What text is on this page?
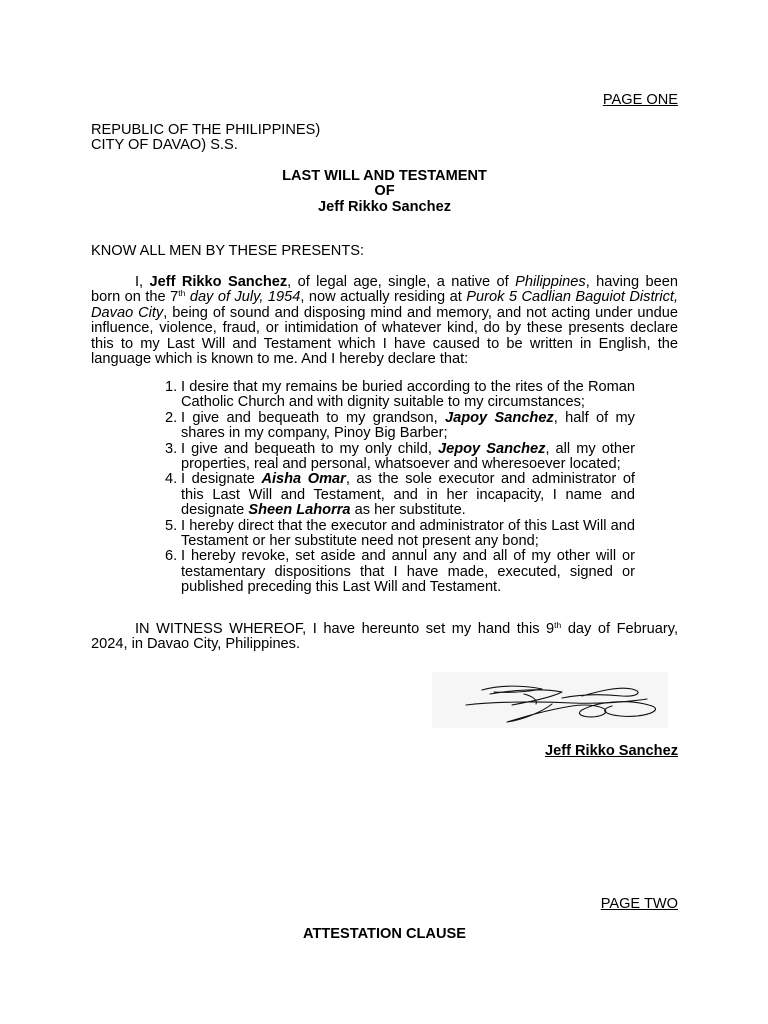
PAGE ONE
REPUBLIC OF THE PHILIPPINES)
CITY OF DAVAO) S.S.
LAST WILL AND TESTAMENT
OF
Jeff Rikko Sanchez
KNOW ALL MEN BY THESE PRESENTS:

I, Jeff Rikko Sanchez, of legal age, single, a native of Philippines, having been born on the 7th day of July, 1954, now actually residing at Purok 5 Cadlian Baguiot District, Davao City, being of sound and disposing mind and memory, and not acting under undue influence, violence, fraud, or intimidation of whatever kind, do by these presents declare this to my Last Will and Testament which I have caused to be written in English, the language which is known to me. And I hereby declare that:

1. I desire that my remains be buried according to the rites of the Roman Catholic Church and with dignity suitable to my circumstances;
2. I give and bequeath to my grandson, Japoy Sanchez, half of my shares in my company, Pinoy Big Barber;
3. I give and bequeath to my only child, Jepoy Sanchez, all my other properties, real and personal, whatsoever and wheresoever located;
4. I designate Aisha Omar, as the sole executor and administrator of this Last Will and Testament, and in her incapacity, I name and designate Sheen Lahorra as her substitute.
5. I hereby direct that the executor and administrator of this Last Will and Testament or her substitute need not present any bond;
6. I hereby revoke, set aside and annul any and all of my other will or testamentary dispositions that I have made, executed, signed or published preceding this Last Will and Testament.

IN WITNESS WHEREOF, I have hereunto set my hand this 9th day of February, 2024, in Davao City, Philippines.

Jeff Rikko Sanchez
PAGE TWO
ATTESTATION CLAUSE
